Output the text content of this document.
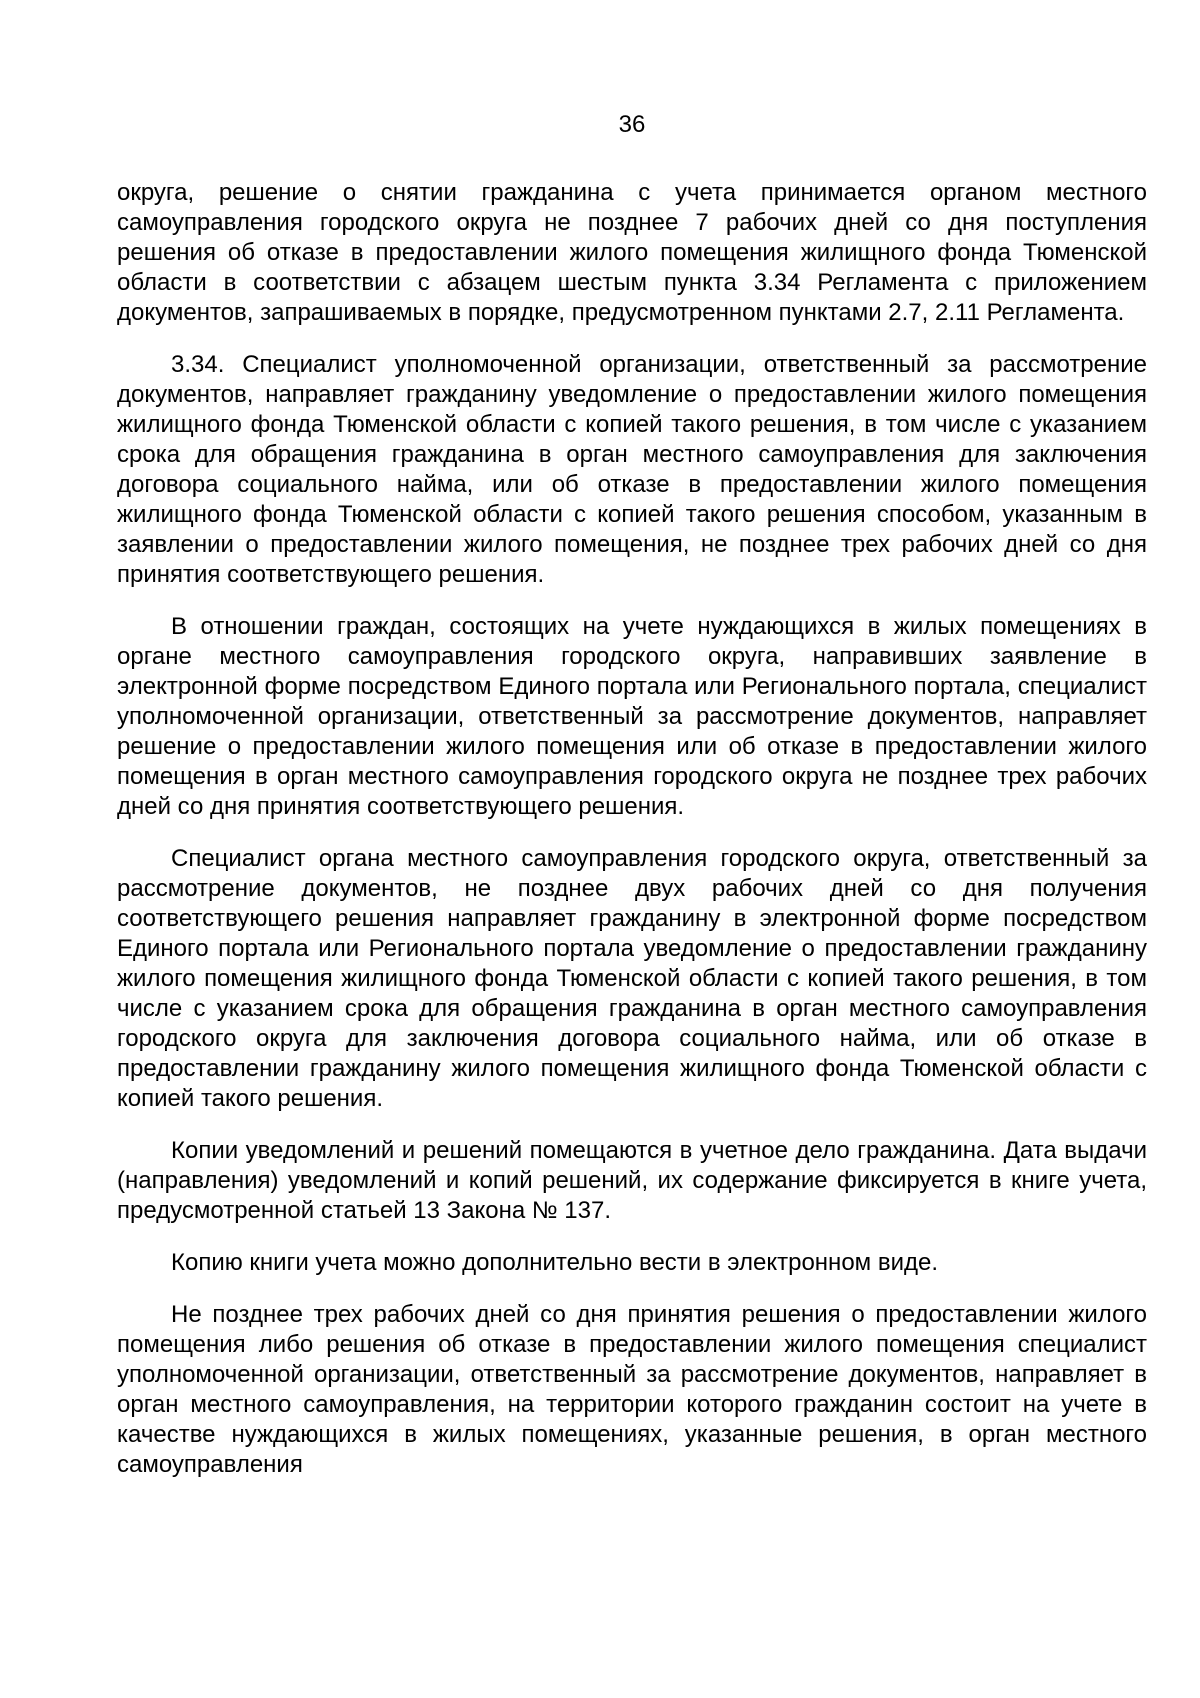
36

округа, решение о снятии гражданина с учета принимается органом местного самоуправления городского округа не позднее 7 рабочих дней со дня поступления решения об отказе в предоставлении жилого помещения жилищного фонда Тюменской области в соответствии с абзацем шестым пункта 3.34 Регламента с приложением документов, запрашиваемых в порядке, предусмотренном пунктами 2.7, 2.11 Регламента.

3.34. Специалист уполномоченной организации, ответственный за рассмотрение документов, направляет гражданину уведомление о предоставлении жилого помещения жилищного фонда Тюменской области с копией такого решения, в том числе с указанием срока для обращения гражданина в орган местного самоуправления для заключения договора социального найма, или об отказе в предоставлении жилого помещения жилищного фонда Тюменской области с копией такого решения способом, указанным в заявлении о предоставлении жилого помещения, не позднее трех рабочих дней со дня принятия соответствующего решения.

В отношении граждан, состоящих на учете нуждающихся в жилых помещениях в органе местного самоуправления городского округа, направивших заявление в электронной форме посредством Единого портала или Регионального портала, специалист уполномоченной организации, ответственный за рассмотрение документов, направляет решение о предоставлении жилого помещения или об отказе в предоставлении жилого помещения в орган местного самоуправления городского округа не позднее трех рабочих дней со дня принятия соответствующего решения.

Специалист органа местного самоуправления городского округа, ответственный за рассмотрение документов, не позднее двух рабочих дней со дня получения соответствующего решения направляет гражданину в электронной форме посредством Единого портала или Регионального портала уведомление о предоставлении гражданину жилого помещения жилищного фонда Тюменской области с копией такого решения, в том числе с указанием срока для обращения гражданина в орган местного самоуправления городского округа для заключения договора социального найма, или об отказе в предоставлении гражданину жилого помещения жилищного фонда Тюменской области с копией такого решения.

Копии уведомлений и решений помещаются в учетное дело гражданина. Дата выдачи (направления) уведомлений и копий решений, их содержание фиксируется в книге учета, предусмотренной статьей 13 Закона № 137.

Копию книги учета можно дополнительно вести в электронном виде.

Не позднее трех рабочих дней со дня принятия решения о предоставлении жилого помещения либо решения об отказе в предоставлении жилого помещения специалист уполномоченной организации, ответственный за рассмотрение документов, направляет в орган местного самоуправления, на территории которого гражданин состоит на учете в качестве нуждающихся в жилых помещениях, указанные решения, в орган местного самоуправления
